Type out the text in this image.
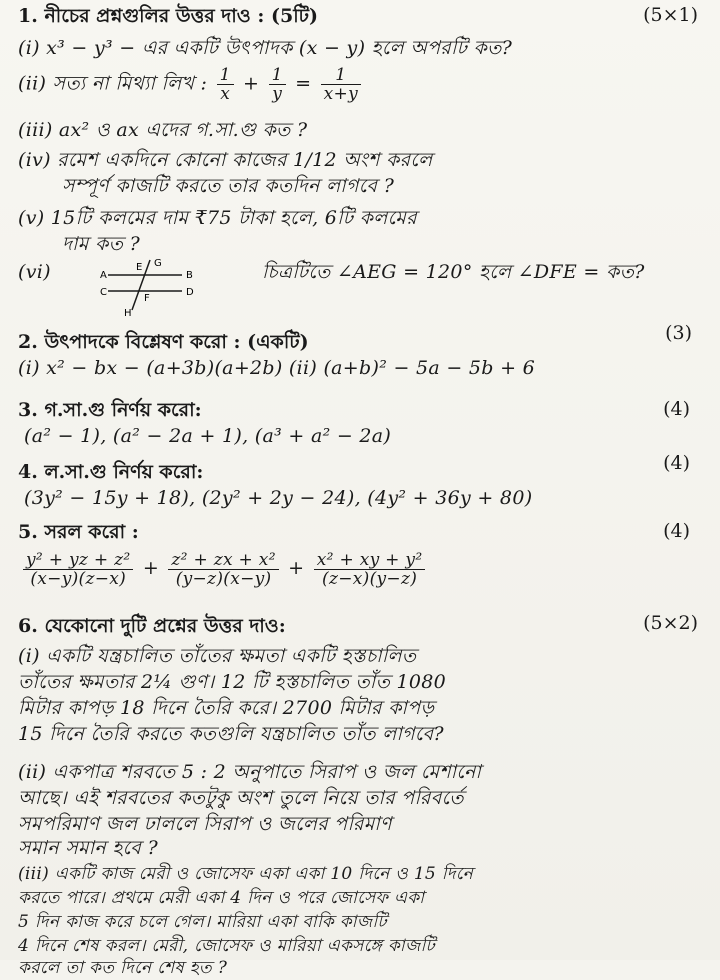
1. নীচের প্রশ্নগুলির উত্তর দাও : (5টি)	(5×1)
(i) x³ − y³ − এর একটি উৎপাদক (x − y) হলে অপরটি কত?
(ii) সত্য না মিথ্যা লিখ : $\frac{1}{x} + \frac{1}{y} = \frac{1}{x+y}$
(iii) ax² ও ax এদের গ.সা.গু কত ?
(iv) রমেশ একদিনে কোনো কাজের 1/12 অংশ করলে
সম্পূর্ণ কাজটি করতে তার কতদিন লাগবে ?
(v) 15টি কলমের দাম ₹75 টাকা হলে, 6টি কলমের
দাম কত ?
(vi)	চিত্রটিতে ∠AEG = 120° হলে ∠DFE = কত?
A
E G
B
C
F
D
H
2. উৎপাদকে বিশ্লেষণ করো : (একটি)	(3)
(i) x² − bx − (a+3b)(a+2b) (ii) (a+b)² − 5a − 5b + 6
3. গ.সা.গু নির্ণয় করো:	(4)
(a² − 1), (a² − 2a + 1), (a³ + a² − 2a)
4. ল.সা.গু নির্ণয় করো:	(4)
(3y² − 15y + 18), (2y² + 2y − 24), (4y² + 36y + 80)
5. সরল করো :	(4)
$\frac{\text{y² + yz + z²}}{(x-y)(z-x)} + \frac{\text{z² + zx + x²}}{(y-z)(x-y)} + \frac{\text{x² + xy + y²}}{(z-x)(y-z)}$
6. যেকোনো দুটি প্রশ্নের উত্তর দাও:	(5×2)
(i) একটি যন্ত্রচালিত তাঁতের ক্ষমতা একটি হস্তচালিত
তাঁতের ক্ষমতার 2¼ গুণ। 12 টি হস্তচালিত তাঁত 1080
মিটার কাপড় 18 দিনে তৈরি করে। 2700 মিটার কাপড়
15 দিনে তৈরি করতে কতগুলি যন্ত্রচালিত তাঁত লাগবে?
(ii) একপাত্র শরবতে 5 : 2 অনুপাতে সিরাপ ও জল মেশানো
আছে। এই শরবতের কতটুকু অংশ তুলে নিয়ে তার পরিবর্তে
সমপরিমাণ জল ঢাললে সিরাপ ও জলের পরিমাণ
সমান সমান হবে ?
(iii) একটি কাজ মেরী ও জোসেফ একা একা 10 দিনে ও 15 দিনে
করতে পারে। প্রথমে মেরী একা 4 দিন ও পরে জোসেফ একা
5 দিন কাজ করে চলে গেল। মারিয়া একা বাকি কাজটি
4 দিনে শেষ করল। মেরী, জোসেফ ও মারিয়া একসঙ্গে কাজটি
করলে তা কত দিনে শেষ হত ?
